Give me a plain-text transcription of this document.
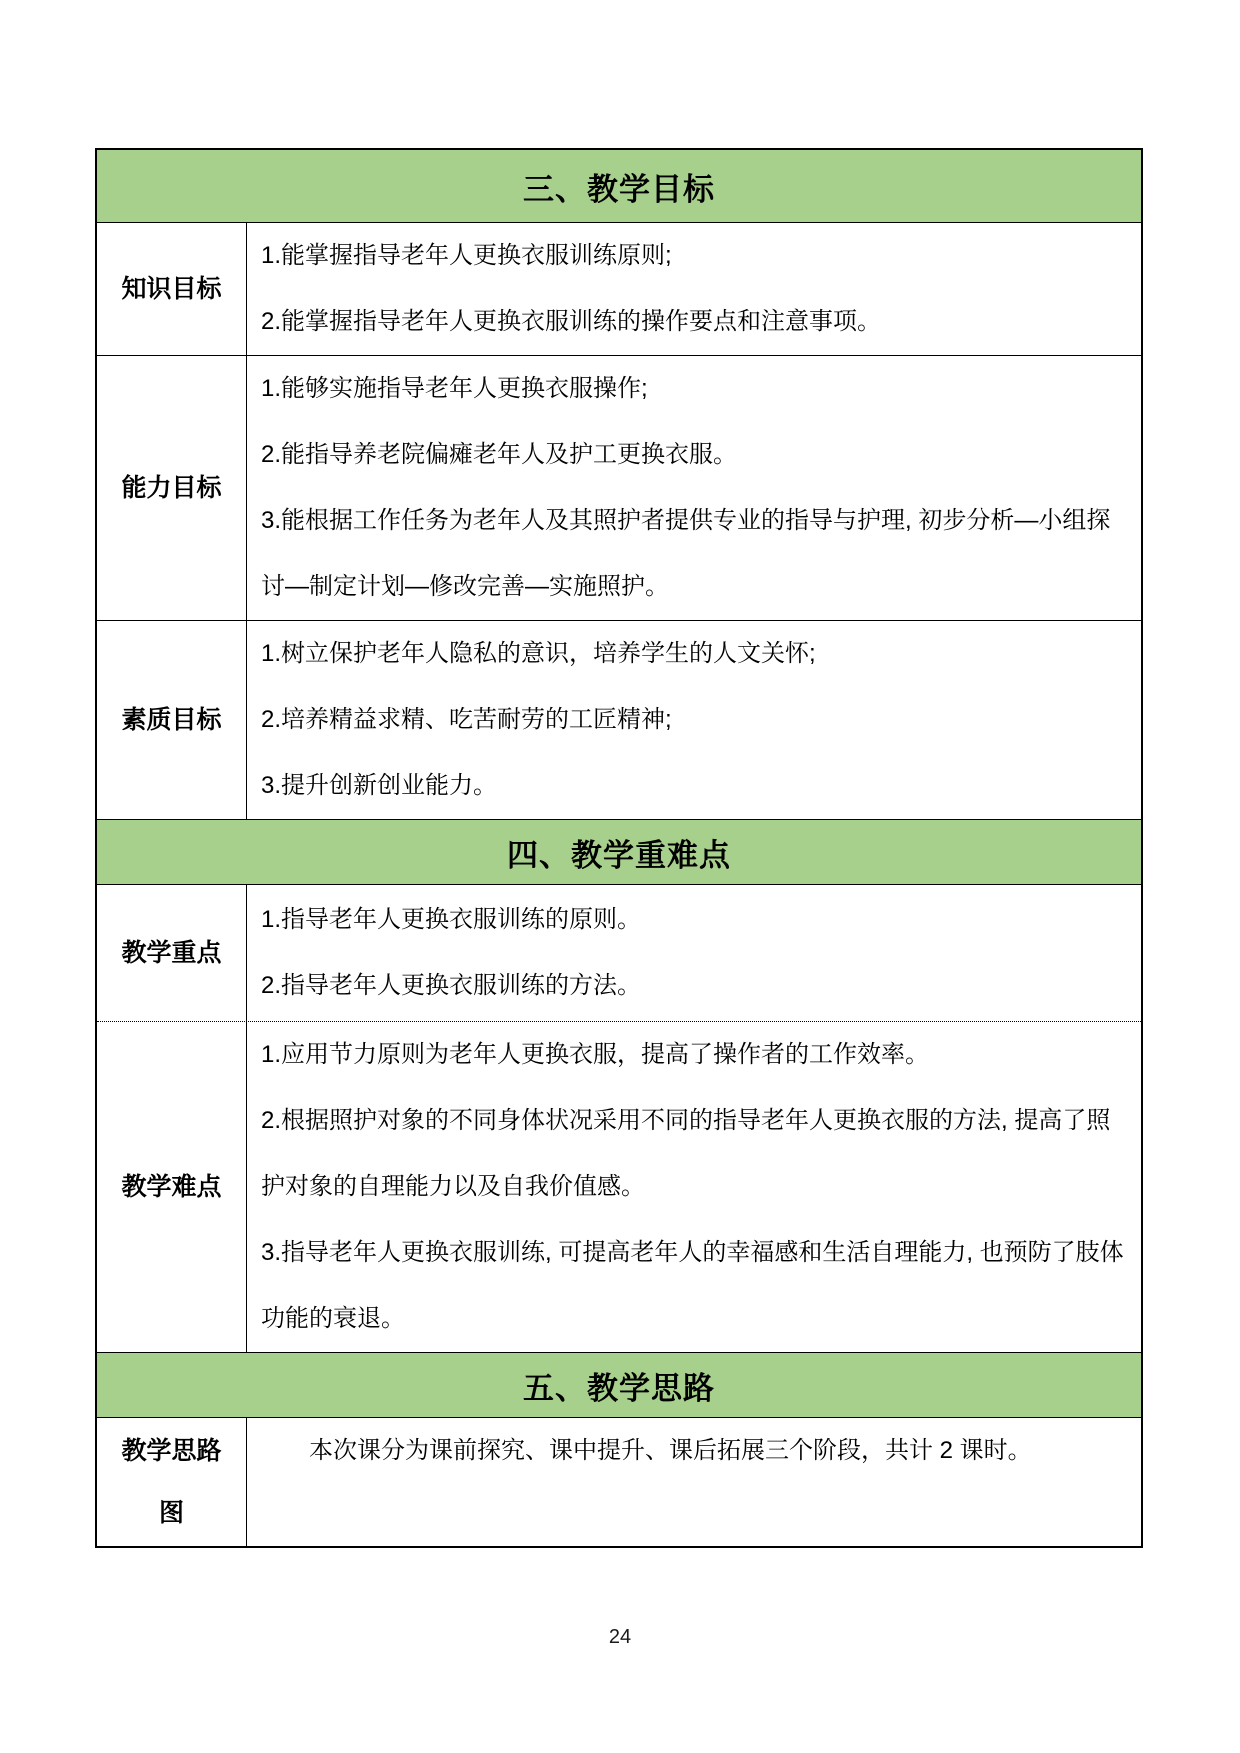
三、教学目标
知识目标

1.能掌握指导老年人更换衣服训练原则;

2.能掌握指导老年人更换衣服训练的操作要点和注意事项。

能力目标

1.能够实施指导老年人更换衣服操作;

2.能指导养老院偏瘫老年人及护工更换衣服。

3.能根据工作任务为老年人及其照护者提供专业的指导与护理, 初步分析—小组探讨—制定计划—修改完善—实施照护。

素质目标

1.树立保护老年人隐私的意识，培养学生的人文关怀;

2.培养精益求精、吃苦耐劳的工匠精神;

3.提升创新创业能力。

四、教学重难点
教学重点

1.指导老年人更换衣服训练的原则。

2.指导老年人更换衣服训练的方法。

教学难点

1.应用节力原则为老年人更换衣服，提高了操作者的工作效率。

2.根据照护对象的不同身体状况采用不同的指导老年人更换衣服的方法, 提高了照护对象的自理能力以及自我价值感。

3.指导老年人更换衣服训练, 可提高老年人的幸福感和生活自理能力, 也预防了肢体功能的衰退。

五、教学思路
教学思路图

本次课分为课前探究、课中提升、课后拓展三个阶段，共计 2 课时。

24
